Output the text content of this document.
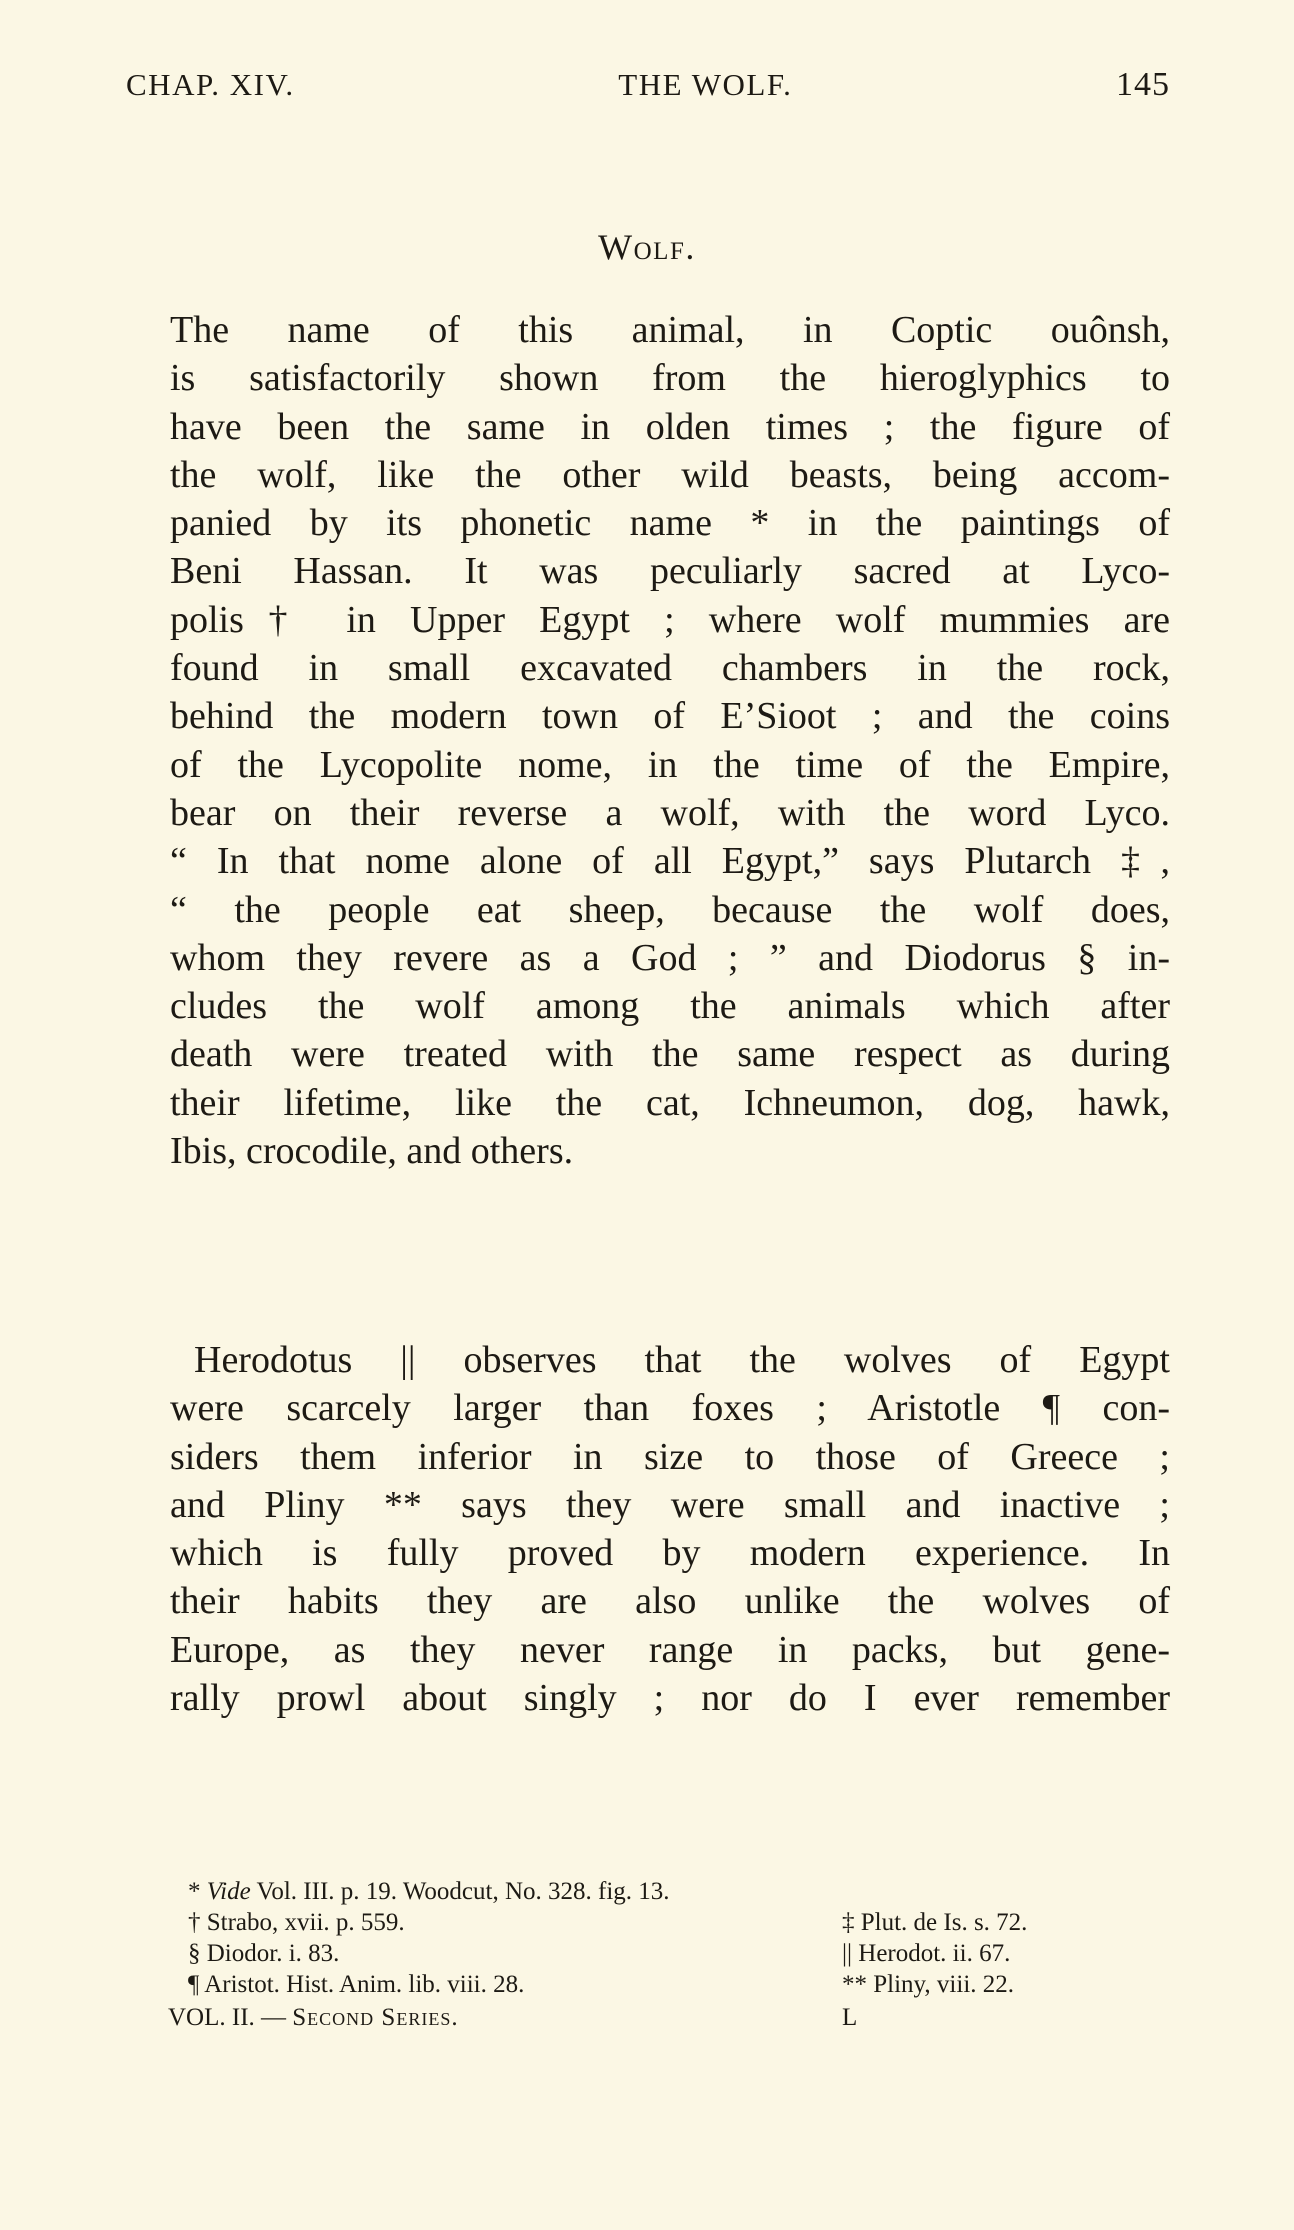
CHAP. XIV.	THE WOLF.	145
Wolf.
The name of this animal, in Coptic ouônsh,
is satisfactorily shown from the hieroglyphics to
have been the same in olden times ; the figure of
the wolf, like the other wild beasts, being accom-
panied by its phonetic name * in the paintings of
Beni Hassan. It was peculiarly sacred at Lyco-
polis† in Upper Egypt ; where wolf mummies are
found in small excavated chambers in the rock,
behind the modern town of E’Sioot ; and the coins
of the Lycopolite nome, in the time of the Empire,
bear on their reverse a wolf, with the word Lyco.
“ In that nome alone of all Egypt,” says Plutarch ‡,
“ the people eat sheep, because the wolf does,
whom they revere as a God ; ” and Diodorus § in-
cludes the wolf among the animals which after
death were treated with the same respect as during
their lifetime, like the cat, Ichneumon, dog, hawk,
Ibis, crocodile, and others.
Herodotus || observes that the wolves of Egypt
were scarcely larger than foxes ; Aristotle ¶ con-
siders them inferior in size to those of Greece ;
and Pliny ** says they were small and inactive ;
which is fully proved by modern experience. In
their habits they are also unlike the wolves of
Europe, as they never range in packs, but gene-
rally prowl about singly ; nor do I ever remember
* Vide Vol. III. p. 19. Woodcut, No. 328. fig. 13.
† Strabo, xvii. p. 559.	‡ Plut. de Is. s. 72.
§ Diodor. i. 83.	|| Herodot. ii. 67.
¶ Aristot. Hist. Anim. lib. viii. 28.	** Pliny, viii. 22.
VOL. II. — Second Series.	L
